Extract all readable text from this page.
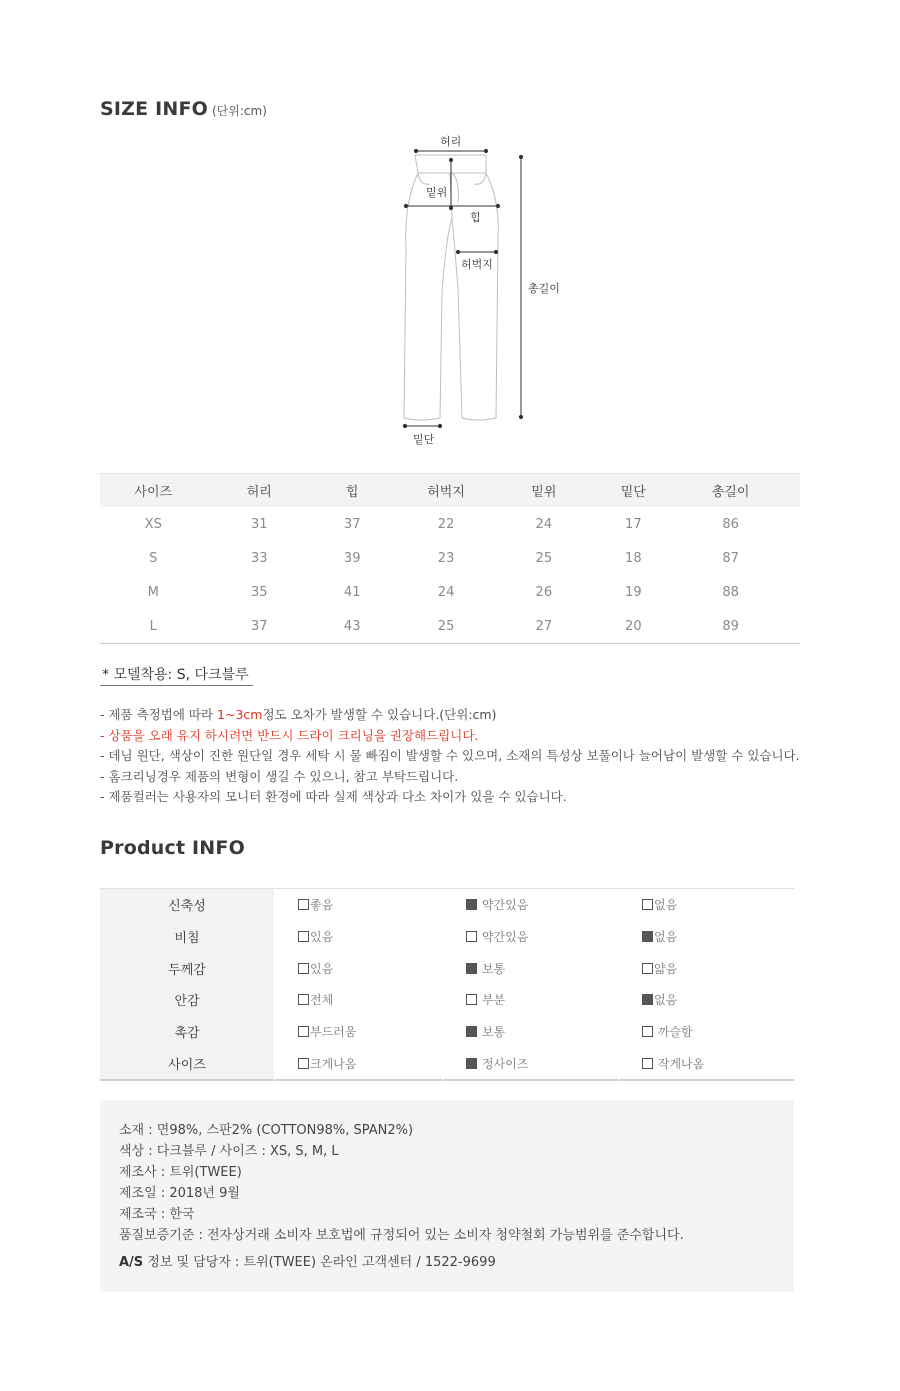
SIZE INFO (단위:cm)
허리
밑위
힙
허벅지
총길이
밑단
사이즈	허리	힙	허벅지	밑위	밑단	총길이	
XS	31	37	22	24	17	86	
S	33	39	23	25	18	87	
M	35	41	24	26	19	88	
L	37	43	25	27	20	89	
* 모델착용: S, 다크블루
- 제품 측정법에 따라 1~3cm정도 오차가 발생할 수 있습니다.(단위:cm)
- 상품을 오래 유지 하시려면 반드시 드라이 크리닝을 권장해드립니다.
- 데님 원단, 색상이 진한 원단일 경우 세탁 시 물 빠짐이 발생할 수 있으며, 소재의 특성상 보풀이나 늘어남이 발생할 수 있습니다.
- 홈크리닝경우 제품의 변형이 생길 수 있으니, 참고 부탁드립니다.
- 제품컬러는 사용자의 모니터 환경에 따라 실제 색상과 다소 차이가 있을 수 있습니다.
Product INFO
신축성	좋음	약간있음	없음
비침	있음	약간있음	없음
두께감	있음	보통	얇음
안감	전체	부분	없음
촉감	부드러움	보통	까슬함
사이즈	크게나옴	정사이즈	작게나옴
소재 : 면98%, 스판2% (COTTON98%, SPAN2%)
색상 : 다크블루 / 사이즈 : XS, S, M, L
제조사 : 트위(TWEE)
제조일 : 2018년 9월
제조국 : 한국
품질보증기준 : 전자상거래 소비자 보호법에 규정되어 있는 소비자 청약철회 가능범위를 준수합니다.
A/S 정보 및 담당자 : 트위(TWEE) 온라인 고객센터 / 1522-9699
